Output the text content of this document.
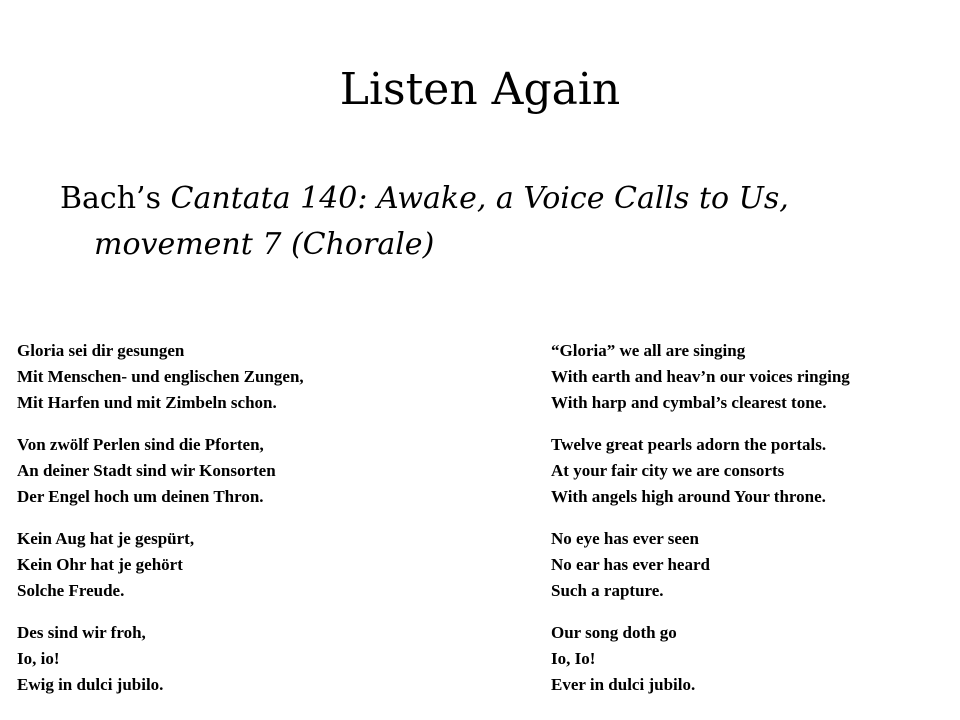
Listen Again

Bach’s Cantata 140: Awake, a Voice Calls to Us, movement 7 (Chorale)

Gloria sei dir gesungen
Mit Menschen- und englischen Zungen,
Mit Harfen und mit Zimbeln schon.
Von zwölf Perlen sind die Pforten,
An deiner Stadt sind wir Konsorten
Der Engel hoch um deinen Thron.
Kein Aug hat je gespürt,
Kein Ohr hat je gehört
Solche Freude.
Des sind wir froh,
Io, io!
Ewig in dulci jubilo.
“Gloria” we all are singing
With earth and heav’n our voices ringing
With harp and cymbal’s clearest tone.
Twelve great pearls adorn the portals.
At your fair city we are consorts
With angels high around Your throne.
No eye has ever seen
No ear has ever heard
Such a rapture.
Our song doth go
Io, Io!
Ever in dulci jubilo.
